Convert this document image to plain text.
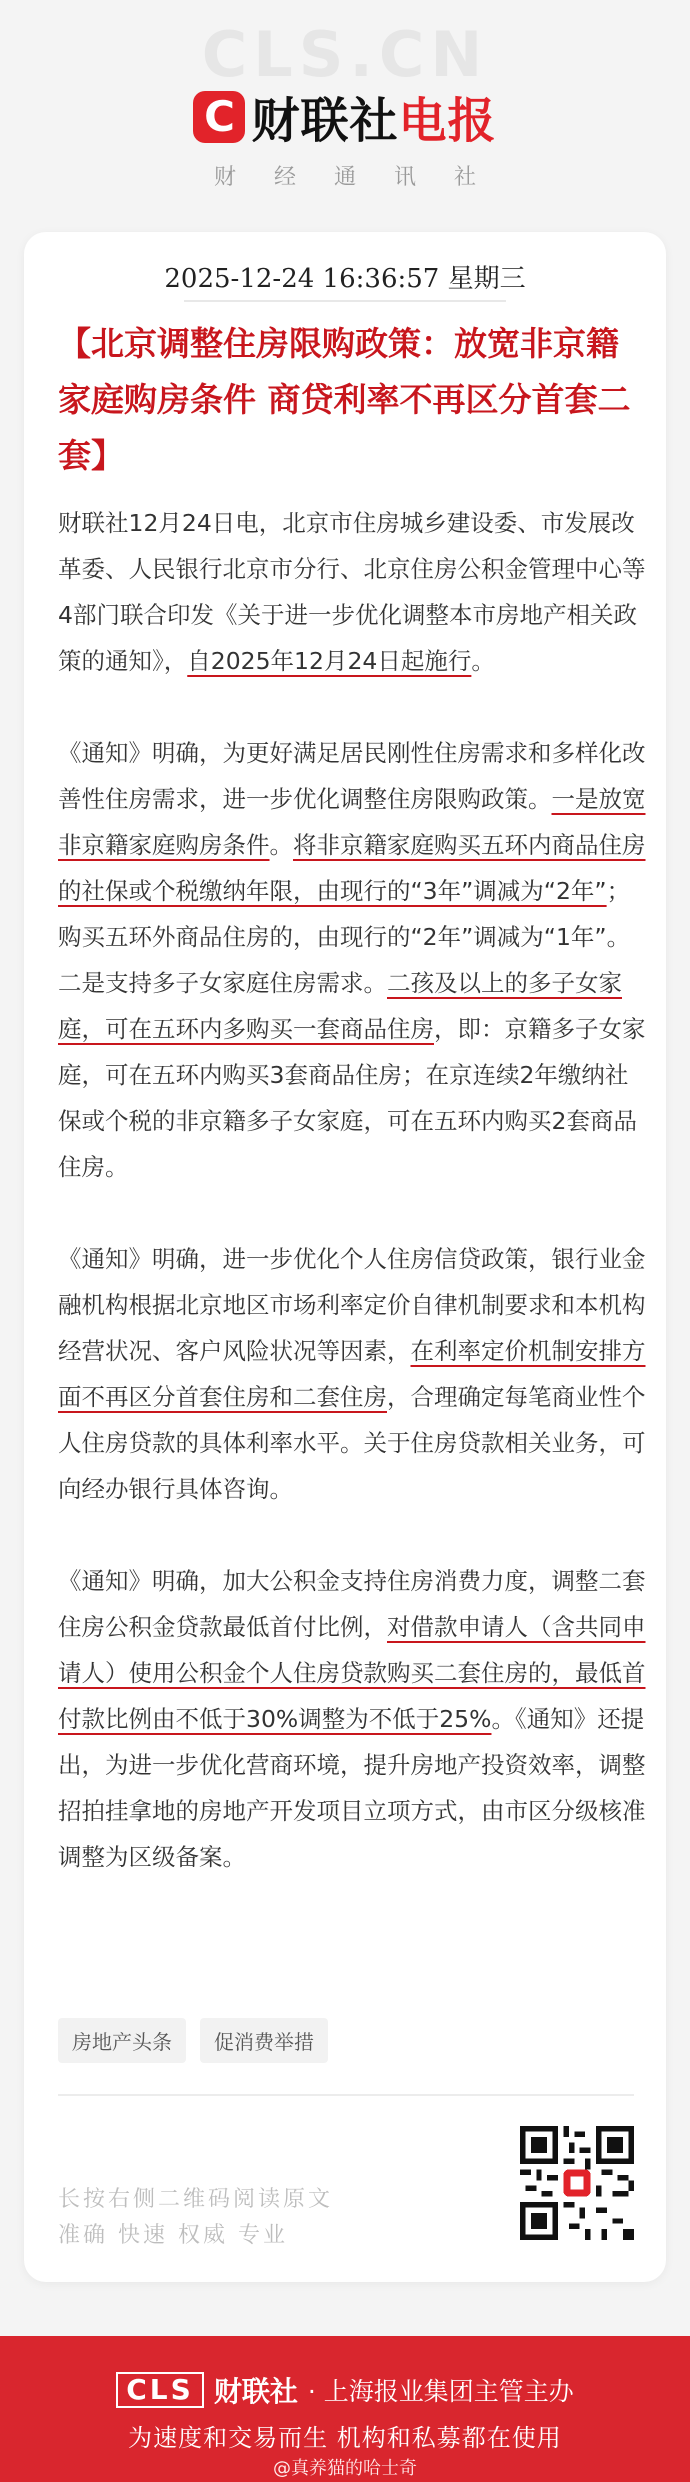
CLS.CN
C 财联社电报
财经通讯社
2025-12-24 16:36:57 星期三
【北京调整住房限购政策：放宽非京籍家庭购房条件 商贷利率不再区分首套二套】

财联社12月24日电，北京市住房城乡建设委、市发展改革委、人民银行北京市分行、北京住房公积金管理中心等4部门联合印发《关于进一步优化调整本市房地产相关政策的通知》，自2025年12月24日起施行。

《通知》明确，为更好满足居民刚性住房需求和多样化改善性住房需求，进一步优化调整住房限购政策。一是放宽非京籍家庭购房条件。将非京籍家庭购买五环内商品住房的社保或个税缴纳年限，由现行的“3年”调减为“2年”；购买五环外商品住房的，由现行的“2年”调减为“1年”。二是支持多子女家庭住房需求。二孩及以上的多子女家庭，可在五环内多购买一套商品住房，即：京籍多子女家庭，可在五环内购买3套商品住房；在京连续2年缴纳社保或个税的非京籍多子女家庭，可在五环内购买2套商品住房。

《通知》明确，进一步优化个人住房信贷政策，银行业金融机构根据北京地区市场利率定价自律机制要求和本机构经营状况、客户风险状况等因素，在利率定价机制安排方面不再区分首套住房和二套住房，合理确定每笔商业性个人住房贷款的具体利率水平。关于住房贷款相关业务，可向经办银行具体咨询。

《通知》明确，加大公积金支持住房消费力度，调整二套住房公积金贷款最低首付比例，对借款申请人（含共同申请人）使用公积金个人住房贷款购买二套住房的，最低首付款比例由不低于30%调整为不低于25%。《通知》还提出，为进一步优化营商环境，提升房地产投资效率，调整招拍挂拿地的房地产开发项目立项方式，由市区分级核准调整为区级备案。

房地产头条	促消费举措
长按右侧二维码阅读原文
准确 快速 权威 专业
CLS 财联社 · 上海报业集团主管主办
为速度和交易而生 机构和私募都在使用
@真养猫的哈士奇
